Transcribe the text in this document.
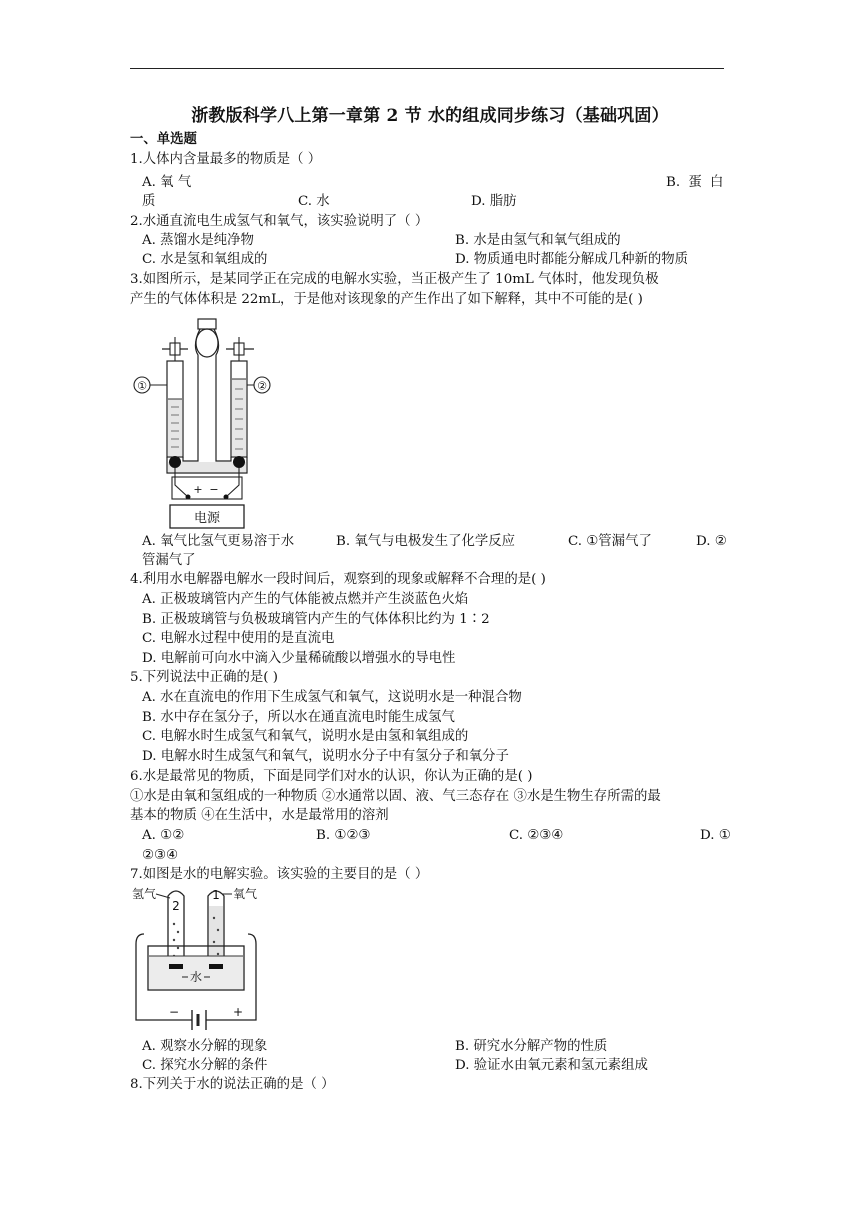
浙教版科学八上第一章第 2 节 水的组成同步练习（基础巩固）
一、单选题
1.人体内含量最多的物质是（ ）
A. 氧 气	B. 蛋 白
质	C. 水	D. 脂肪
2.水通直流电生成氢气和氧气，该实验说明了（ ）
A. 蒸馏水是纯净物	B. 水是由氢气和氧气组成的
C. 水是氢和氧组成的	D. 物质通电时都能分解成几种新的物质
3.如图所示，是某同学正在完成的电解水实验，当正极产生了 10mL 气体时，他发现负极
产生的气体体积是 22mL，于是他对该现象的产生作出了如下解释，其中不可能的是( )
①	②
+ −
电源
A. 氧气比氢气更易溶于水	B. 氧气与电极发生了化学反应	C. ①管漏气了	D. ②
管漏气了
4.利用水电解器电解水一段时间后，观察到的现象或解释不合理的是( )
A. 正极玻璃管内产生的气体能被点燃并产生淡蓝色火焰
B. 正极玻璃管与负极玻璃管内产生的气体体积比约为 1∶2
C. 电解水过程中使用的是直流电
D. 电解前可向水中滴入少量稀硫酸以增强水的导电性
5.下列说法中正确的是( )
A. 水在直流电的作用下生成氢气和氧气，这说明水是一种混合物
B. 水中存在氢分子，所以水在通直流电时能生成氢气
C. 电解水时生成氢气和氧气，说明水是由氢和氧组成的
D. 电解水时生成氢气和氧气，说明水分子中有氢分子和氧分子
6.水是最常见的物质，下面是同学们对水的认识，你认为正确的是( )
①水是由氧和氢组成的一种物质 ②水通常以固、液、气三态存在 ③水是生物生存所需的最
基本的物质 ④在生活中，水是最常用的溶剂
A. ①②	B. ①②③	C. ②③④	D. ①
②③④
7.如图是水的电解实验。该实验的主要目的是（ ）
氢气	氧气
2
1
水
−	+
A. 观察水分解的现象	B. 研究水分解产物的性质
C. 探究水分解的条件	D. 验证水由氧元素和氢元素组成
8.下列关于水的说法正确的是（ ）
